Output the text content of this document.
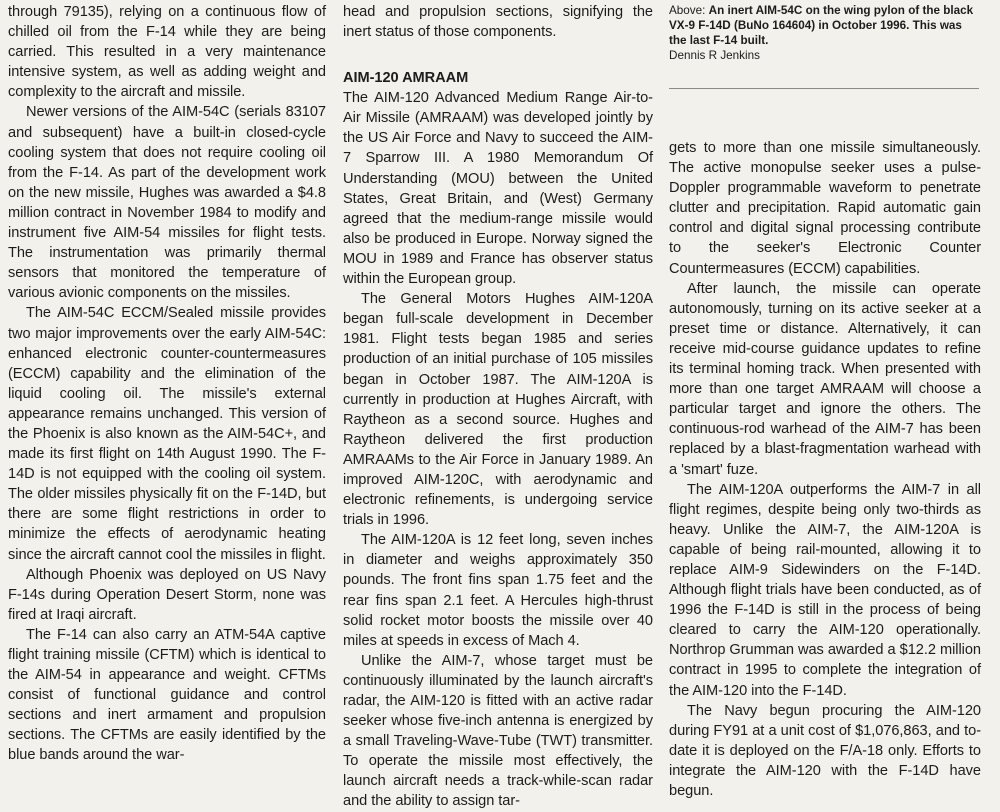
through 79135), relying on a continuous flow of chilled oil from the F-14 while they are being carried. This resulted in a very maintenance intensive system, as well as adding weight and complexity to the aircraft and missile.

Newer versions of the AIM-54C (serials 83107 and subsequent) have a built-in closed-cycle cooling system that does not require cooling oil from the F-14. As part of the development work on the new missile, Hughes was awarded a $4.8 million contract in November 1984 to modify and instrument five AIM-54 missiles for flight tests. The instrumentation was primarily thermal sensors that monitored the temperature of various avionic components on the missiles.

The AIM-54C ECCM/Sealed missile provides two major improvements over the early AIM-54C: enhanced electronic counter-countermeasures (ECCM) capability and the elimination of the liquid cooling oil. The missile's external appearance remains unchanged. This version of the Phoenix is also known as the AIM-54C+, and made its first flight on 14th August 1990. The F-14D is not equipped with the cooling oil system. The older missiles physically fit on the F-14D, but there are some flight restrictions in order to minimize the effects of aerodynamic heating since the aircraft cannot cool the missiles in flight.

Although Phoenix was deployed on US Navy F-14s during Operation Desert Storm, none was fired at Iraqi aircraft.

The F-14 can also carry an ATM-54A captive flight training missile (CFTM) which is identical to the AIM-54 in appearance and weight. CFTMs consist of functional guidance and control sections and inert armament and propulsion sections. The CFTMs are easily identified by the blue bands around the war-

head and propulsion sections, signifying the inert status of those components.

AIM-120 AMRAAM

The AIM-120 Advanced Medium Range Air-to-Air Missile (AMRAAM) was developed jointly by the US Air Force and Navy to succeed the AIM-7 Sparrow III. A 1980 Memorandum Of Understanding (MOU) between the United States, Great Britain, and (West) Germany agreed that the medium-range missile would also be produced in Europe. Norway signed the MOU in 1989 and France has observer status within the European group.

The General Motors Hughes AIM-120A began full-scale development in December 1981. Flight tests began 1985 and series production of an initial purchase of 105 missiles began in October 1987. The AIM-120A is currently in production at Hughes Aircraft, with Raytheon as a second source. Hughes and Raytheon delivered the first production AMRAAMs to the Air Force in January 1989. An improved AIM-120C, with aerodynamic and electronic refinements, is undergoing service trials in 1996.

The AIM-120A is 12 feet long, seven inches in diameter and weighs approximately 350 pounds. The front fins span 1.75 feet and the rear fins span 2.1 feet. A Hercules high-thrust solid rocket motor boosts the missile over 40 miles at speeds in excess of Mach 4.

Unlike the AIM-7, whose target must be continuously illuminated by the launch aircraft's radar, the AIM-120 is fitted with an active radar seeker whose five-inch antenna is energized by a small Traveling-Wave-Tube (TWT) transmitter. To operate the missile most effectively, the launch aircraft needs a track-while-scan radar and the ability to assign tar-

Above: An inert AIM-54C on the wing pylon of the black VX-9 F-14D (BuNo 164604) in October 1996. This was the last F-14 built.
Dennis R Jenkins

gets to more than one missile simultaneously. The active monopulse seeker uses a pulse-Doppler programmable waveform to penetrate clutter and precipitation. Rapid automatic gain control and digital signal processing contribute to the seeker's Electronic Counter Countermeasures (ECCM) capabilities.

After launch, the missile can operate autonomously, turning on its active seeker at a preset time or distance. Alternatively, it can receive mid-course guidance updates to refine its terminal homing track. When presented with more than one target AMRAAM will choose a particular target and ignore the others. The continuous-rod warhead of the AIM-7 has been replaced by a blast-fragmentation warhead with a 'smart' fuze.

The AIM-120A outperforms the AIM-7 in all flight regimes, despite being only two-thirds as heavy. Unlike the AIM-7, the AIM-120A is capable of being rail-mounted, allowing it to replace AIM-9 Sidewinders on the F-14D. Although flight trials have been conducted, as of 1996 the F-14D is still in the process of being cleared to carry the AIM-120 operationally. Northrop Grumman was awarded a $12.2 million contract in 1995 to complete the integration of the AIM-120 into the F-14D.

The Navy begun procuring the AIM-120 during FY91 at a unit cost of $1,076,863, and to-date it is deployed on the F/A-18 only. Efforts to integrate the AIM-120 with the F-14D have begun.
